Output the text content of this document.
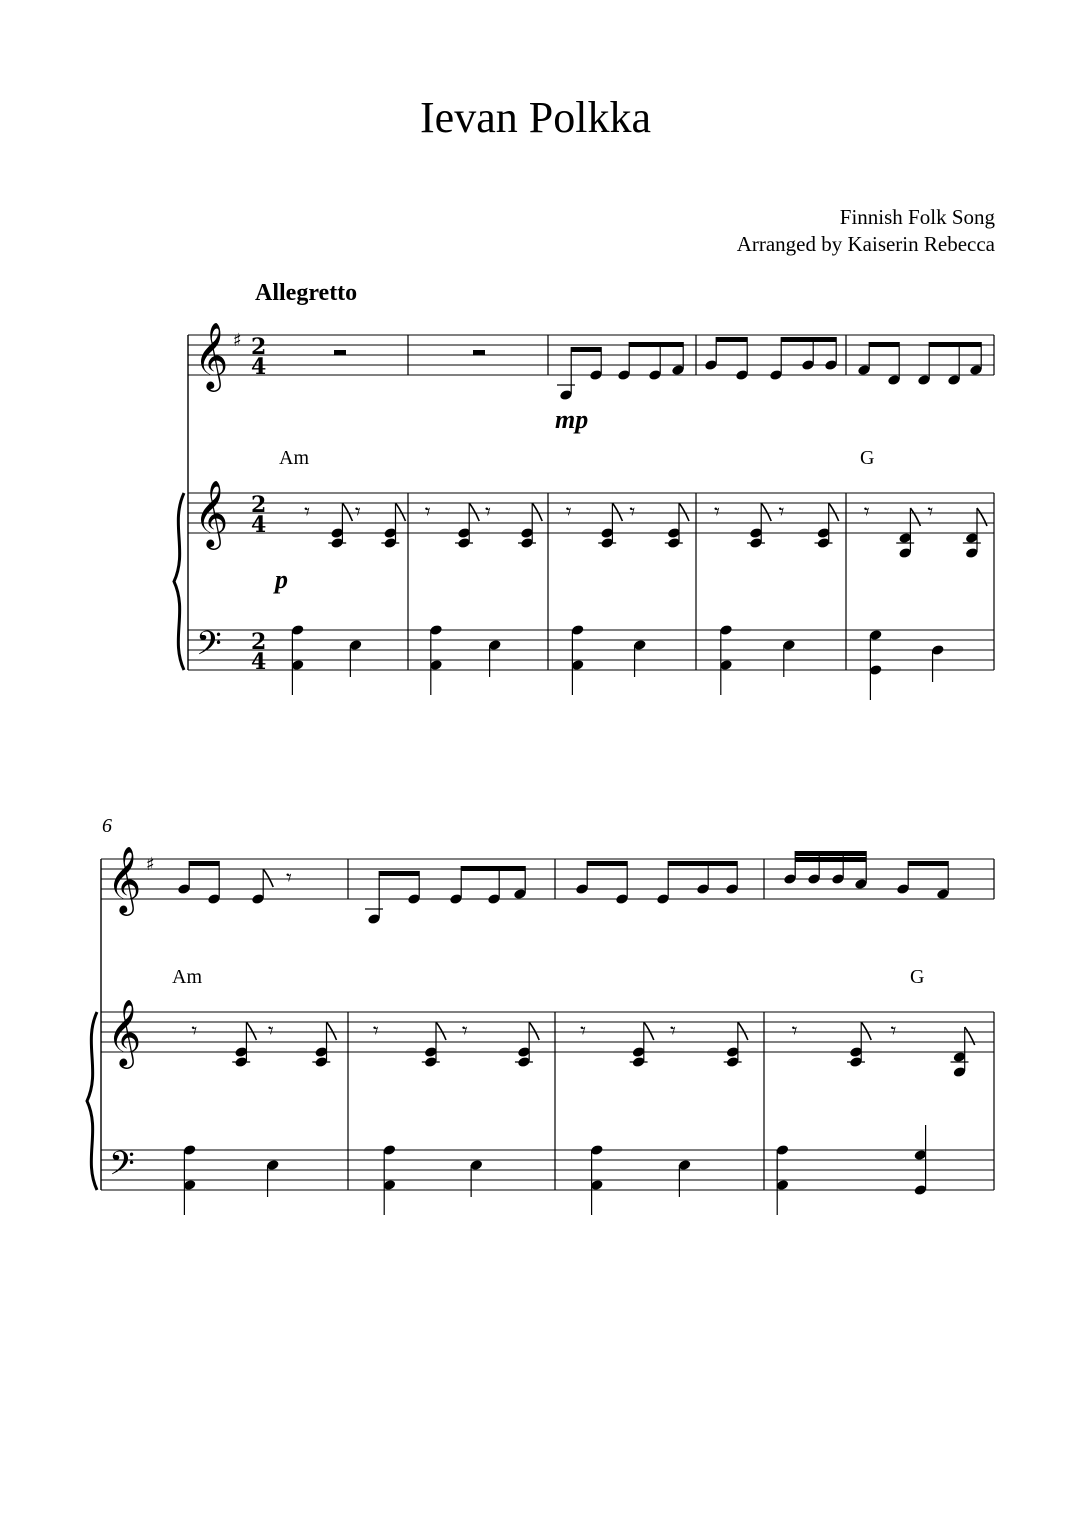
Ievan Polkka
Finnish Folk Song
Arranged by Kaiserin Rebecca
Allegretto
Am	G
mp
p
6
Am	G
𝄞 ♯ 2
4
𝄞 2
4
𝄢 2
4
𝄾 𝄾	𝄾 𝄾	𝄾	𝄾	𝄾	𝄾	𝄾	𝄾
𝄞 ♯
𝄞
𝄢
𝄾
𝄾	𝄾	𝄾	𝄾	𝄾	𝄾	𝄾	𝄾
